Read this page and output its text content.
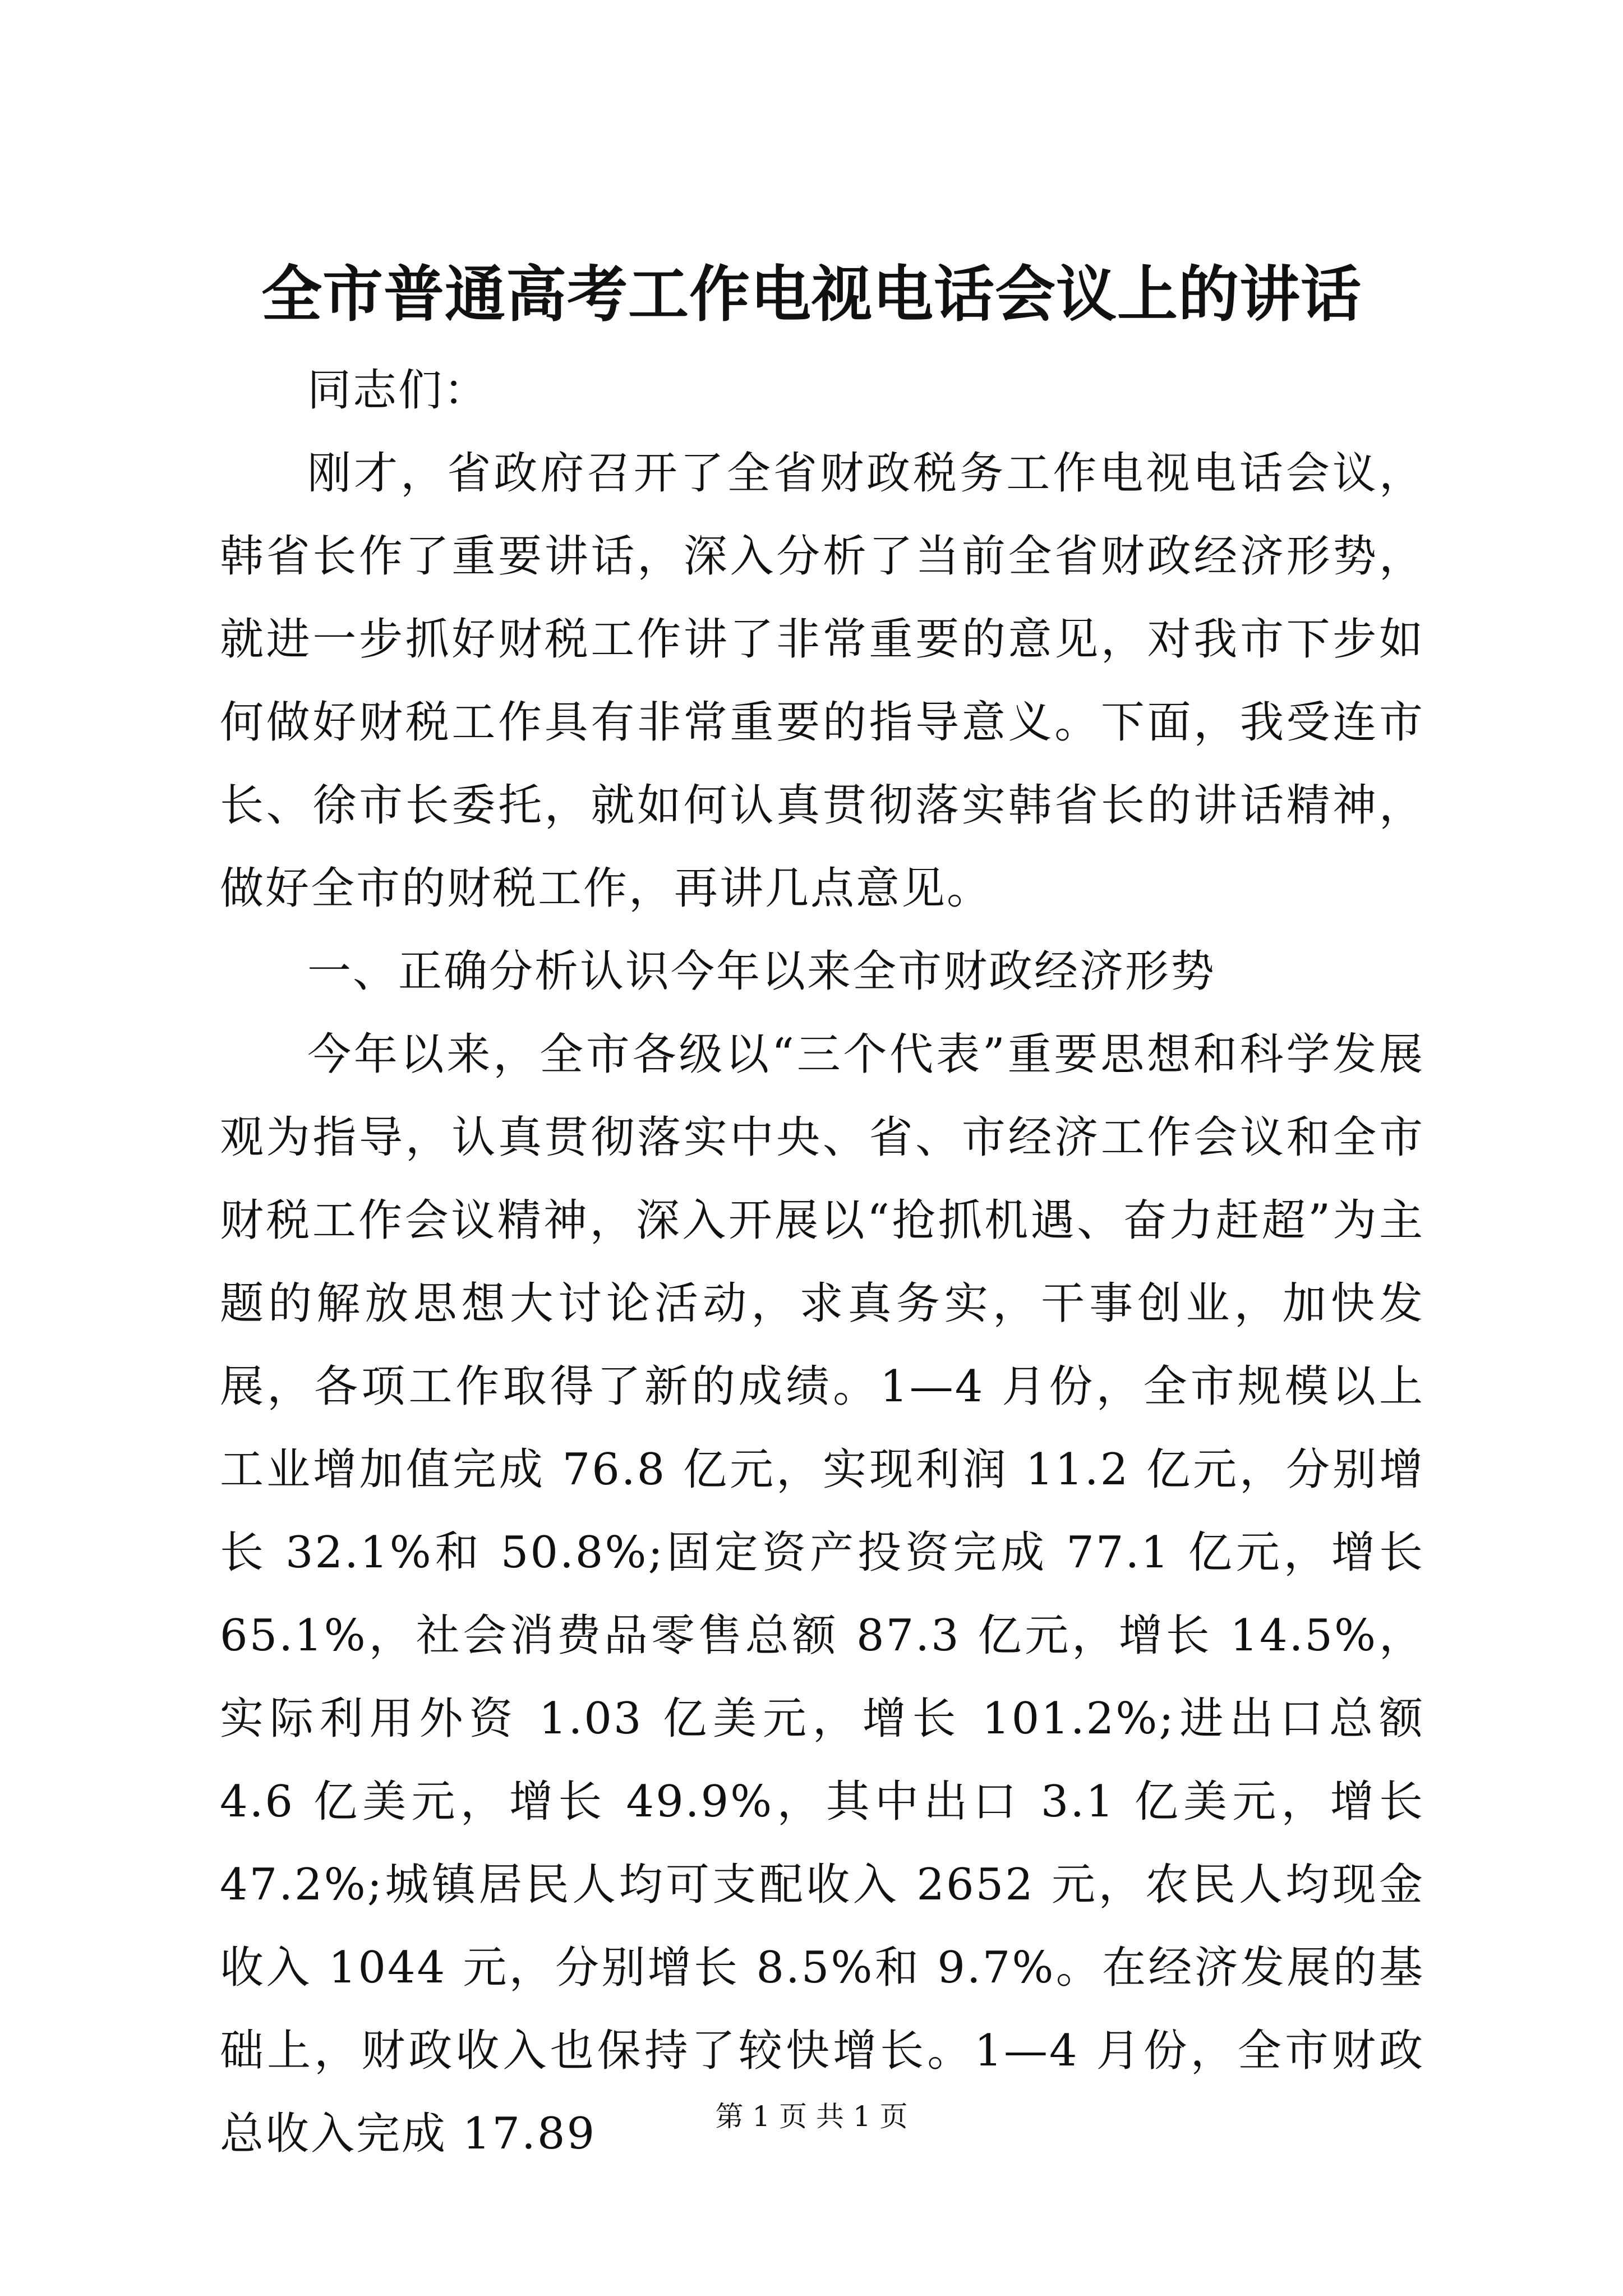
全市普通高考工作电视电话会议上的讲话

同志们：

刚才，省政府召开了全省财政税务工作电视电话会议，韩省长作了重要讲话，深入分析了当前全省财政经济形势，就进一步抓好财税工作讲了非常重要的意见，对我市下步如何做好财税工作具有非常重要的指导意义。下面，我受连市长、徐市长委托，就如何认真贯彻落实韩省长的讲话精神，做好全市的财税工作，再讲几点意见。

一、正确分析认识今年以来全市财政经济形势

今年以来，全市各级以“三个代表”重要思想和科学发展观为指导，认真贯彻落实中央、省、市经济工作会议和全市财税工作会议精神，深入开展以“抢抓机遇、奋力赶超”为主题的解放思想大讨论活动，求真务实，干事创业，加快发展，各项工作取得了新的成绩。1—4 月份，全市规模以上工业增加值完成 76.8 亿元，实现利润 11.2 亿元，分别增长 32.1%和 50.8%;固定资产投资完成 77.1 亿元，增长 65.1%，社会消费品零售总额 87.3 亿元，增长 14.5%，实际利用外资 1.03 亿美元，增长 101.2%;进出口总额 4.6 亿美元，增长 49.9%，其中出口 3.1 亿美元，增长 47.2%;城镇居民人均可支配收入 2652 元，农民人均现金收入 1044 元，分别增长 8.5%和 9.7%。在经济发展的基础上，财政收入也保持了较快增长。1—4 月份，全市财政总收入完成 17.89	第 1 页 共 1 页
